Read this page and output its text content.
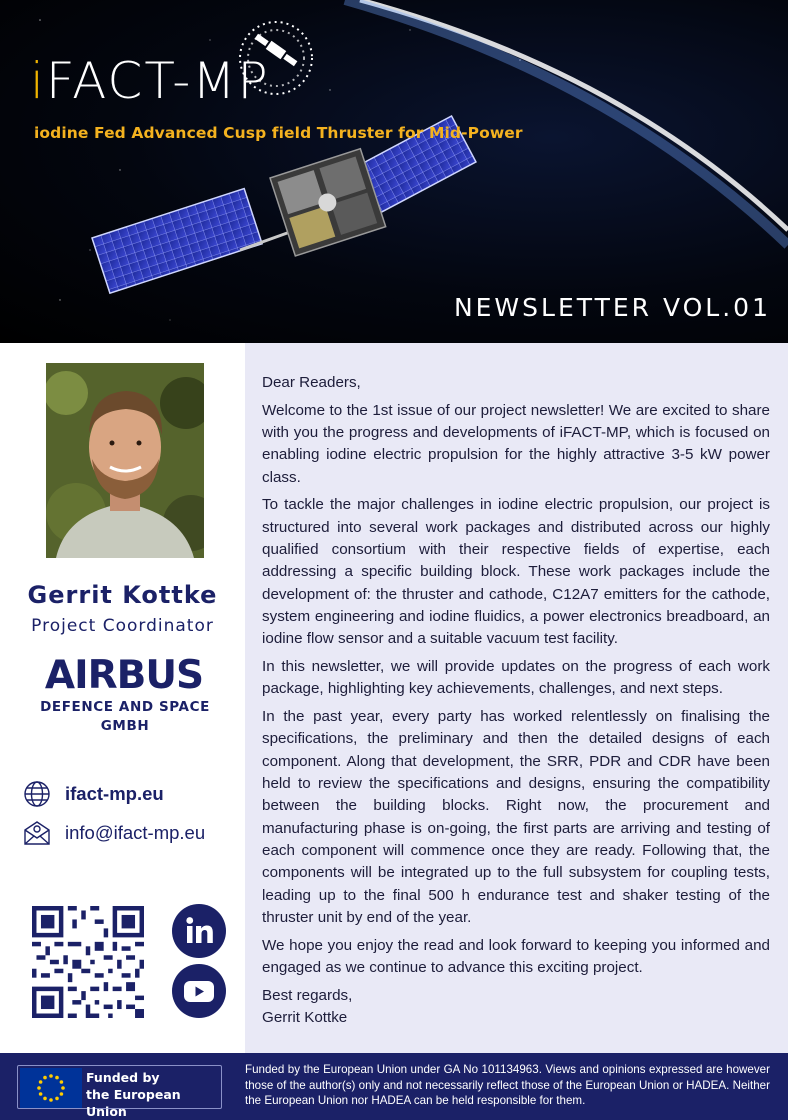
iFACT-MP
iodine Fed Advanced Cusp field Thruster for Mid-Power
NEWSLETTER VOL.01
Gerrit Kottke
Project Coordinator
AIRBUS
DEFENCE AND SPACE
GMBH
ifact-mp.eu
info@ifact-mp.eu

Dear Readers,

Welcome to the 1st issue of our project newsletter! We are excited to share with you the progress and developments of iFACT-MP, which is focused on enabling iodine electric propulsion for the highly attractive 3-5 kW power class.

To tackle the major challenges in iodine electric propulsion, our project is structured into several work packages and distributed across our highly qualified consortium with their respective fields of expertise, each addressing a specific building block. These work packages include the development of: the thruster and cathode, C12A7 emitters for the cathode, system engineering and iodine fluidics, a power electronics breadboard, an iodine flow sensor and a suitable vacuum test facility.

In this newsletter, we will provide updates on the progress of each work package, highlighting key achievements, challenges, and next steps.

In the past year, every party has worked relentlessly on finalising the specifications, the preliminary and then the detailed designs of each component. Along that development, the SRR, PDR and CDR have been held to review the specifications and designs, ensuring the compatibility between the building blocks. Right now, the procurement and manufacturing phase is on-going, the first parts are arriving and testing of each component will commence once they are ready. Following that, the components will be integrated up to the full subsystem for coupling tests, leading up to the final 500 h endurance test and shaker testing of the thruster unit by end of the year.

We hope you enjoy the read and look forward to keeping you informed and engaged as we continue to advance this exciting project.

Best regards,

Gerrit Kottke

Funded by
the European Union
Funded by the European Union under GA No 101134963. Views and opinions expressed are however those of the author(s) only and not necessarily reflect those of the European Union or HADEA. Neither the European Union nor HADEA can be held responsible for them.
